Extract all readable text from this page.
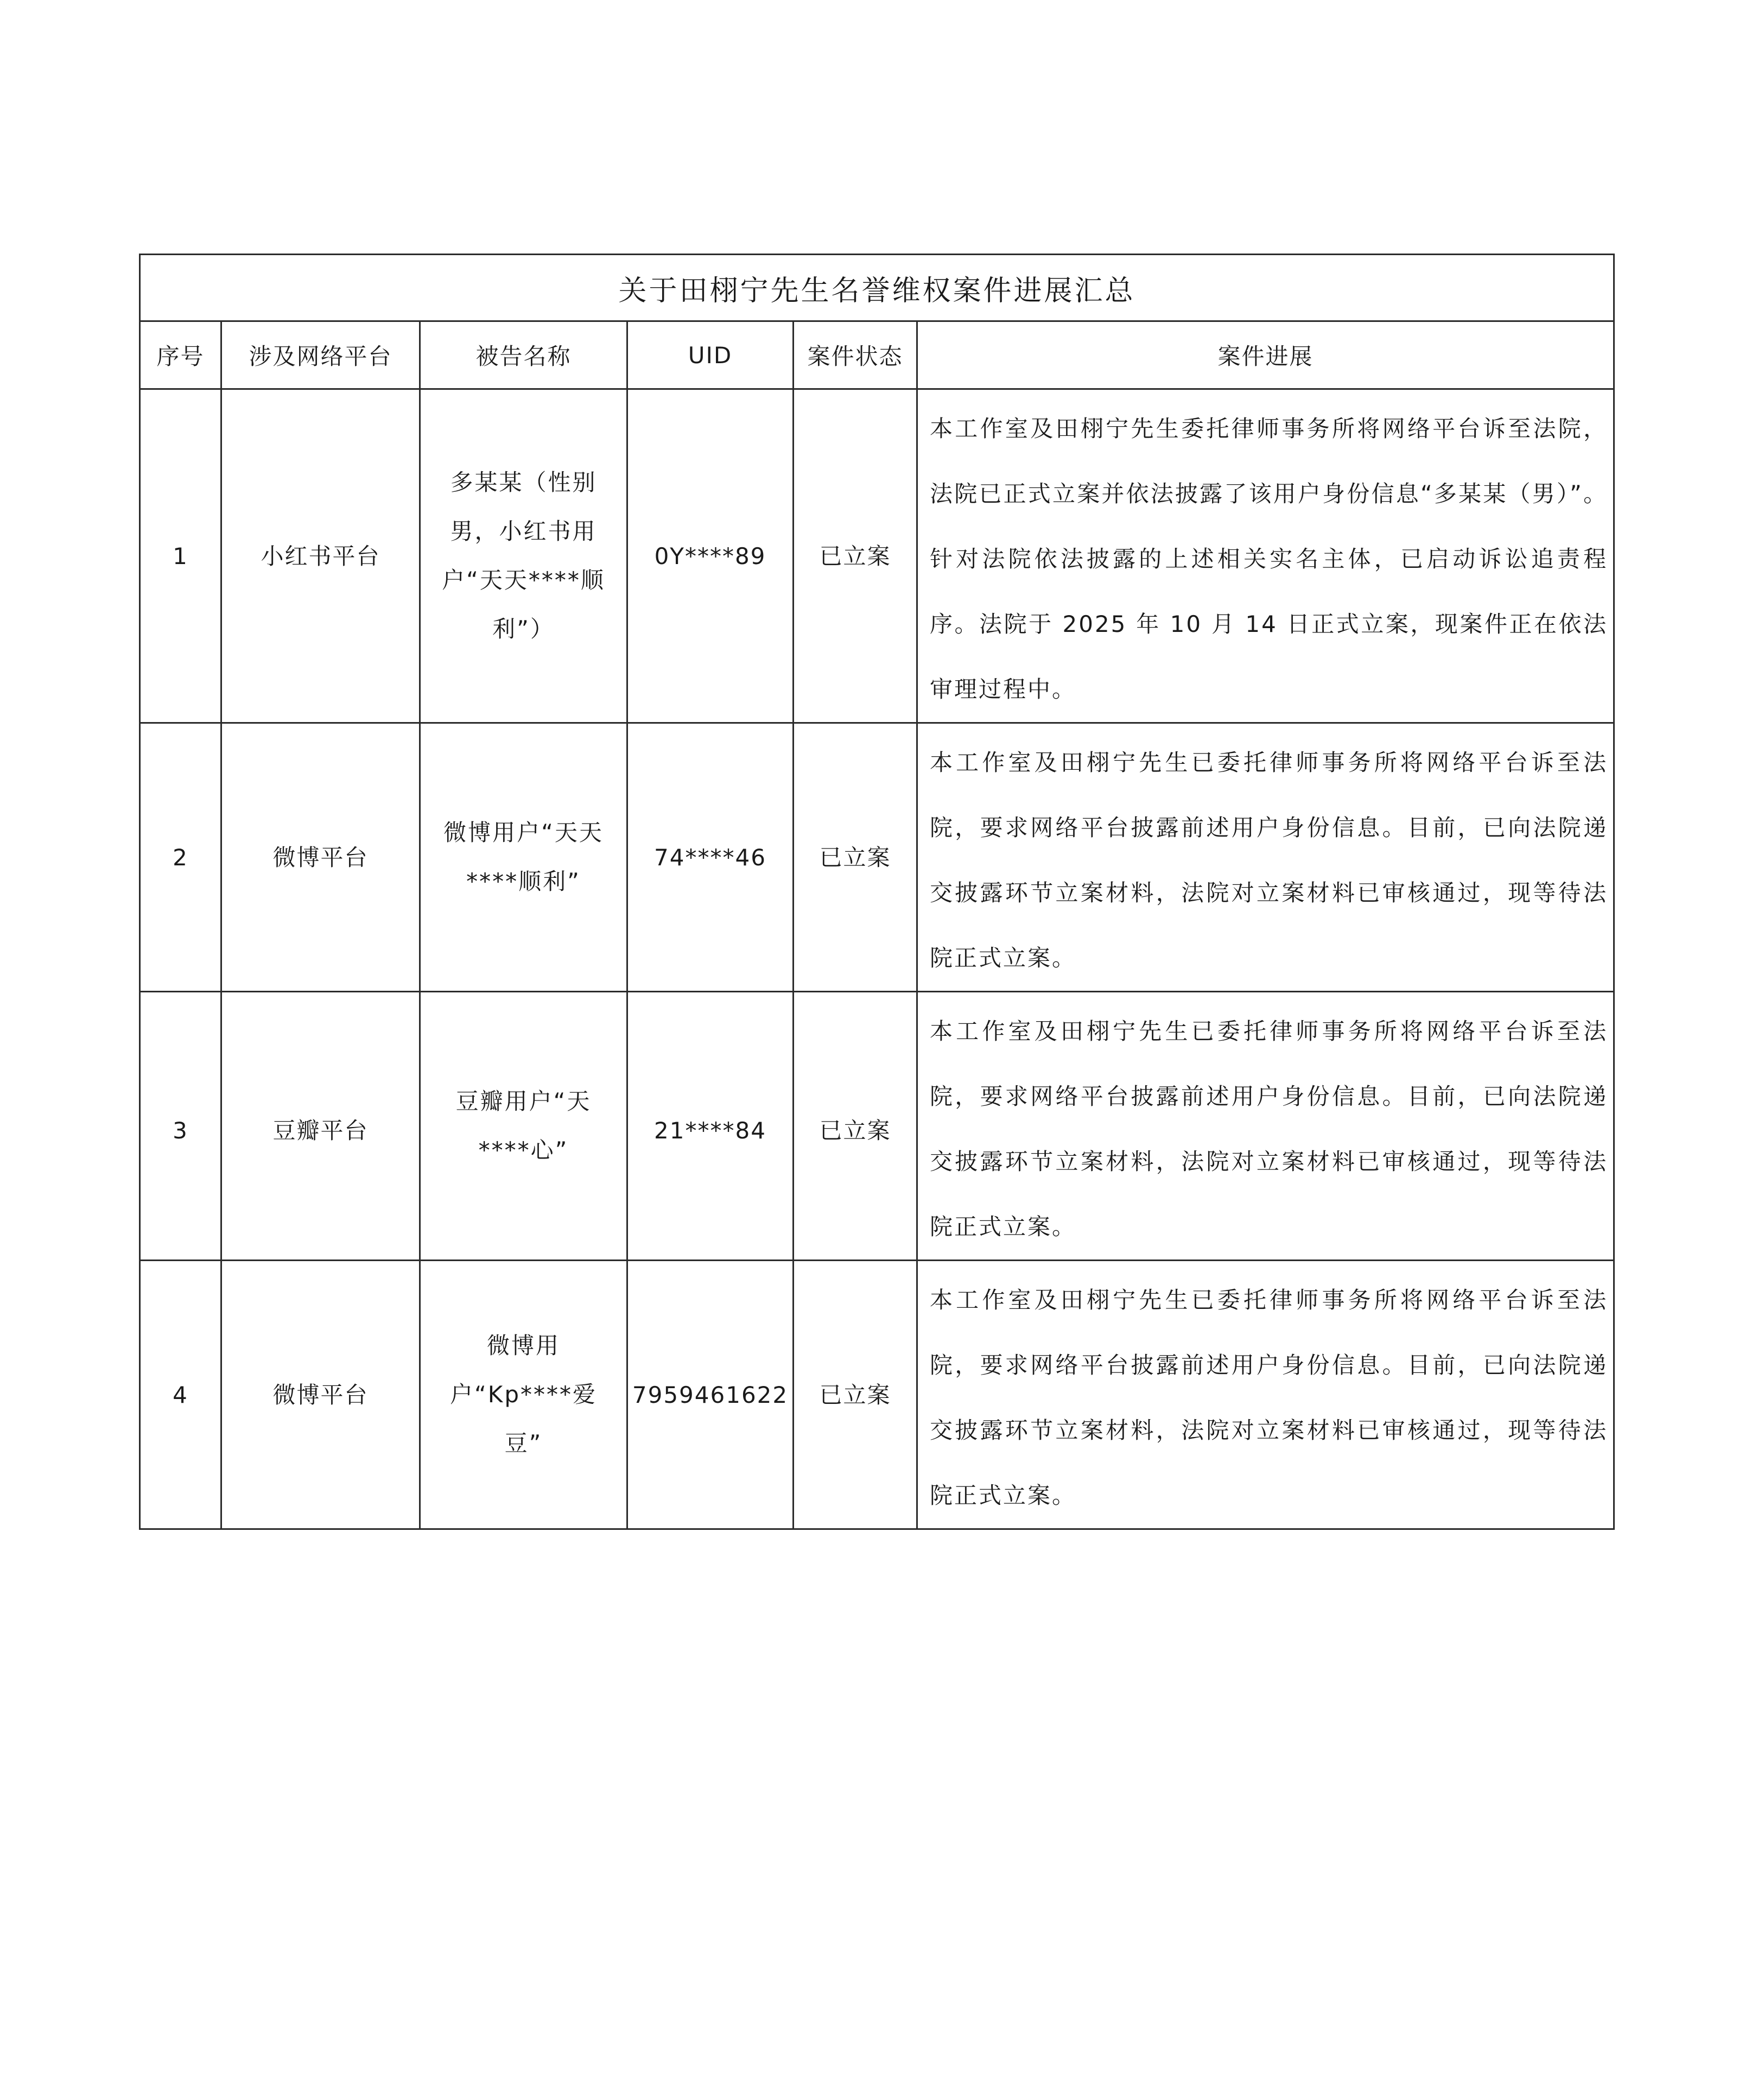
关于田栩宁先生名誉维权案件进展汇总					
序号	涉及网络平台	被告名称	UID	案件状态	案件进展
1	小红书平台	多某某（性别男，小红书用户“天天****顺利”）	0Y****89	已立案	本工作室及田栩宁先生委托律师事务所将网络平台诉至法院，法院已正式立案并依法披露了该用户身份信息“多某某（男）”。针对法院依法披露的上述相关实名主体，已启动诉讼追责程序。法院于 2025 年 10 月 14 日正式立案，现案件正在依法审理过程中。

2	微博平台	微博用户“天天****顺利”	74****46	已立案	本工作室及田栩宁先生已委托律师事务所将网络平台诉至法院，要求网络平台披露前述用户身份信息。目前，已向法院递交披露环节立案材料，法院对立案材料已审核通过，现等待法院正式立案。

3	豆瓣平台	豆瓣用户“天****心”	21****84	已立案	本工作室及田栩宁先生已委托律师事务所将网络平台诉至法院，要求网络平台披露前述用户身份信息。目前，已向法院递交披露环节立案材料，法院对立案材料已审核通过，现等待法院正式立案。

4	微博平台	微博用户“Kp****爱豆”	7959461622	已立案	本工作室及田栩宁先生已委托律师事务所将网络平台诉至法院，要求网络平台披露前述用户身份信息。目前，已向法院递交披露环节立案材料，法院对立案材料已审核通过，现等待法院正式立案。
